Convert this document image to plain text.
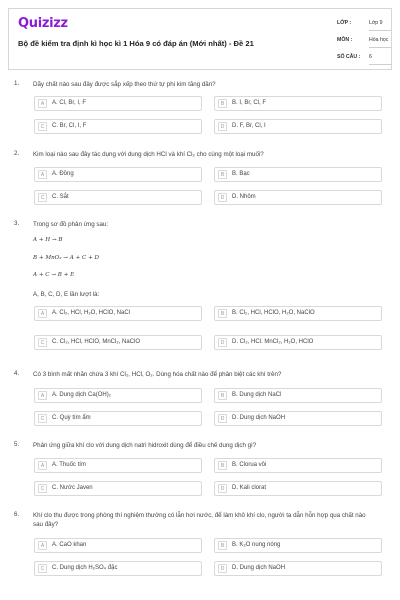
Quizizz
Bộ đề kiểm tra định kì học kì 1 Hóa 9 có đáp án (Mới nhất) - Đề 21
LỚP :	Lớp 9
MÔN :	Hóa học
SỐ CÂU : 6
1. Dãy chất nào sau đây được sắp xếp theo thứ tự phi kim tăng dần?
A	A. Cl, Br, I, F	B	B. I, Br, Cl, F
C	C. Br, Cl, I, F	D	D. F, Br, Cl, I
2. Kim loại nào sau đây tác dụng với dung dịch HCl và khí Cl₂ cho cùng một loại muối?
A	A. Đồng	B	B. Bạc
C	C. Sắt	D	D. Nhôm
3. Trong sơ đồ phản ứng sau:
A + H → B
B + MnO₂ → A + C + D
A + C → B + E
A, B, C, D, E lần lượt là:
A	A. Cl₂, HCl, H₂O, HClO, NaCl	B	B. Cl₂, HCl, HClO, H₂O, NaClO
C	C. Cl₂, HCl, HClO, MnCl₂, NaClO	D	D. Cl₂, HCl. MnCl₂, H₂O, HClO
4. Có 3 bình mất nhãn chứa 3 khí Cl₂, HCl, O₂. Dùng hóa chất nào để phân biệt các khí trên?
A	A. Dung dịch Ca(OH)₂	B	B. Dung dịch NaCl
C	C. Quỳ tím ẩm	D	D. Dung dịch NaOH
5. Phản ứng giữa khí clo với dung dịch natri hidroxit dùng để điều chế dung dịch gì?
A	A. Thuốc tím	B	B. Clorua vôi
C	C. Nước Javen	D	D. Kali clorat
6. Khí clo thu được trong phòng thí nghiệm thường có lẫn hơi nước, để làm khô khí clo, người ta dẫn hỗn hợp qua chất nào sau đây?
A	A. CaO khan	B	B. K₂O nung nóng
C	C. Dung dịch H₂SO₄ đặc	D	D. Dung dịch NaOH
